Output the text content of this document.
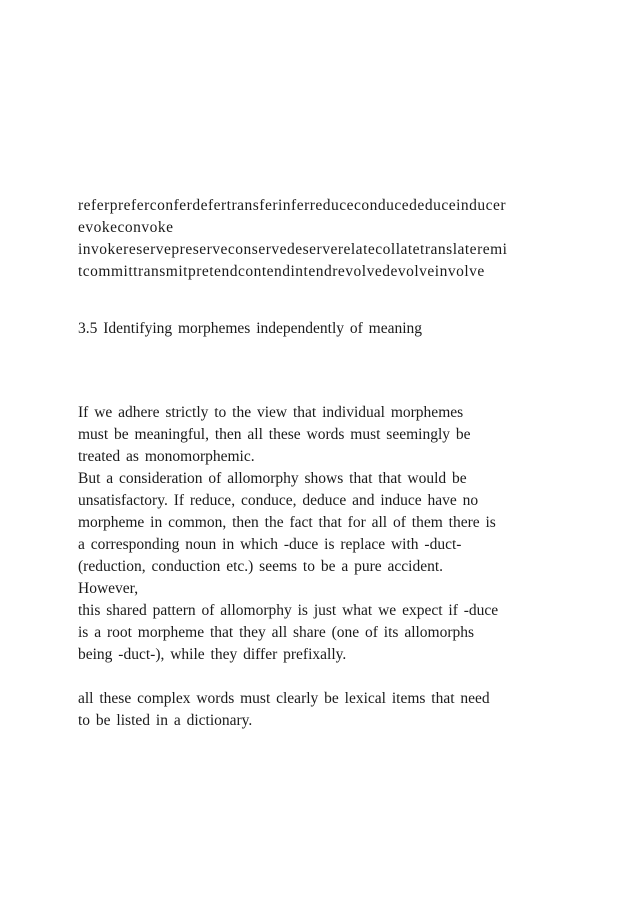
referpreferconferdefertransferinferreduceconducededuceinducer
evokeconvoke
invokereservepreserveconservedeserverelatecollatetranslateremi
tcommittransmitpretendcontendintendrevolvedevolveinvolve
3.5 Identifying morphemes independently of meaning
If we adhere strictly to the view that individual morphemes
must be meaningful, then all these words must seemingly be
treated as monomorphemic.
But a consideration of allomorphy shows that that would be
unsatisfactory. If reduce, conduce, deduce and induce have no
morpheme in common, then the fact that for all of them there is
a corresponding noun in which -duce is replace with -duct-
(reduction, conduction etc.) seems to be a pure accident.
However,
this shared pattern of allomorphy is just what we expect if -duce
is a root morpheme that they all share (one of its allomorphs
being -duct-), while they differ prefixally.
all these complex words must clearly be lexical items that need
to be listed in a dictionary.
